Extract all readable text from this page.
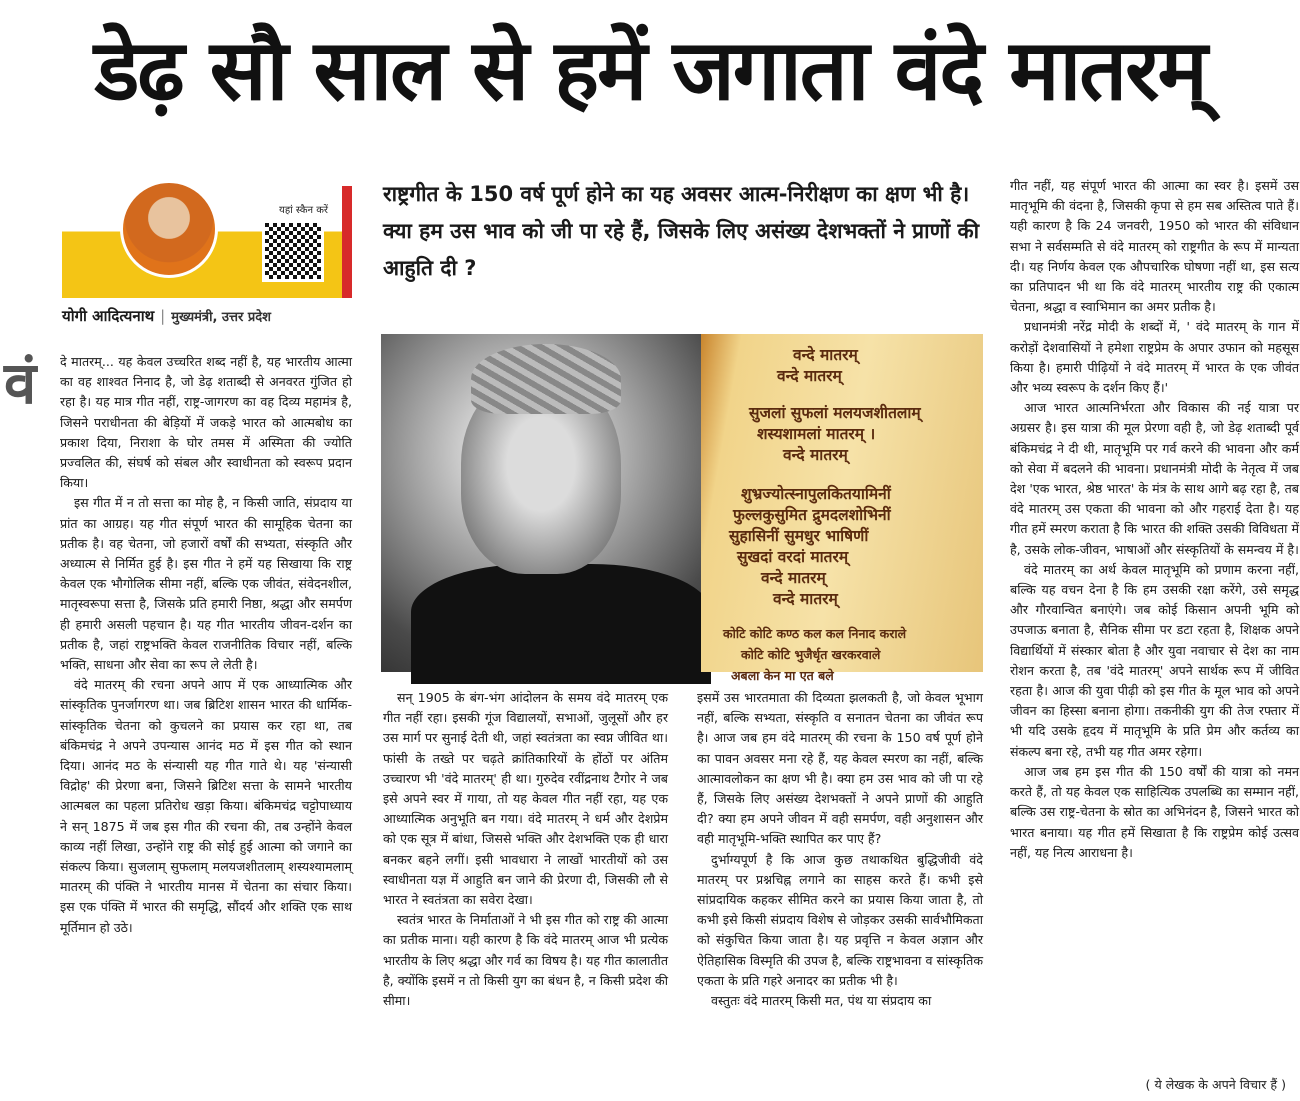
डेढ़ सौ साल से हमें जगाता वंदे मातरम्
यहां स्कैन करें
योगी आदित्यनाथ | मुख्यमंत्री, उत्तर प्रदेश
वं दे मातरम्... यह केवल उच्चरित शब्द नहीं है, यह भारतीय आत्मा का वह शाश्वत निनाद है, जो डेढ़ शताब्दी से अनवरत गुंजित हो रहा है। यह मात्र गीत नहीं, राष्ट्र-जागरण का वह दिव्य महामंत्र है, जिसने पराधीनता की बेड़ियों में जकड़े भारत को आत्मबोध का प्रकाश दिया, निराशा के घोर तमस में अस्मिता की ज्योति प्रज्वलित की, संघर्ष को संबल और स्वाधीनता को स्वरूप प्रदान किया।

इस गीत में न तो सत्ता का मोह है, न किसी जाति, संप्रदाय या प्रांत का आग्रह। यह गीत संपूर्ण भारत की सामूहिक चेतना का प्रतीक है। वह चेतना, जो हजारों वर्षों की सभ्यता, संस्कृति और अध्यात्म से निर्मित हुई है। इस गीत ने हमें यह सिखाया कि राष्ट्र केवल एक भौगोलिक सीमा नहीं, बल्कि एक जीवंत, संवेदनशील, मातृस्वरूपा सत्ता है, जिसके प्रति हमारी निष्ठा, श्रद्धा और समर्पण ही हमारी असली पहचान है। यह गीत भारतीय जीवन-दर्शन का प्रतीक है, जहां राष्ट्रभक्ति केवल राजनीतिक विचार नहीं, बल्कि भक्ति, साधना और सेवा का रूप ले लेती है।

वंदे मातरम् की रचना अपने आप में एक आध्यात्मिक और सांस्कृतिक पुनर्जागरण था। जब ब्रिटिश शासन भारत की धार्मिक-सांस्कृतिक चेतना को कुचलने का प्रयास कर रहा था, तब बंकिमचंद्र ने अपने उपन्यास आनंद मठ में इस गीत को स्थान दिया। आनंद मठ के संन्यासी यह गीत गाते थे। यह 'संन्यासी विद्रोह' की प्रेरणा बना, जिसने ब्रिटिश सत्ता के सामने भारतीय आत्मबल का पहला प्रतिरोध खड़ा किया। बंकिमचंद्र चट्टोपाध्याय ने सन् 1875 में जब इस गीत की रचना की, तब उन्होंने केवल काव्य नहीं लिखा, उन्होंने राष्ट्र की सोई हुई आत्मा को जगाने का संकल्प किया। सुजलाम् सुफलाम् मलयजशीतलाम् शस्यश्यामलाम् मातरम् की पंक्ति ने भारतीय मानस में चेतना का संचार किया। इस एक पंक्ति में भारत की समृद्धि, सौंदर्य और शक्ति एक साथ मूर्तिमान हो उठे।

राष्ट्रगीत के 150 वर्ष पूर्ण होने का यह अवसर आत्म-निरीक्षण का क्षण भी है। क्या हम उस भाव को जी पा रहे हैं, जिसके लिए असंख्य देशभक्तों ने प्राणों की आहुति दी ?
वन्दे मातरम्
वन्दे मातरम्
सुजलां सुफलां मलयजशीतलाम्
शस्यशामलां मातरम् ।
वन्दे मातरम्
शुभ्रज्योत्स्नापुलकितयामिनीं
फुल्लकुसुमित द्रुमदलशोभिनीं
सुहासिनीं सुमधुर भाषिणीं
सुखदां वरदां मातरम्
वन्दे मातरम्
वन्दे मातरम्
कोटि कोटि कण्ठ कल कल निनाद कराले
कोटि कोटि भुजैर्धृत खरकरवाले
अबला केन मा एत बले

सन् 1905 के बंग-भंग आंदोलन के समय वंदे मातरम् एक गीत नहीं रहा। इसकी गूंज विद्यालयों, सभाओं, जुलूसों और हर उस मार्ग पर सुनाई देती थी, जहां स्वतंत्रता का स्वप्न जीवित था। फांसी के तख्ते पर चढ़ते क्रांतिकारियों के होंठों पर अंतिम उच्चारण भी 'वंदे मातरम्' ही था। गुरुदेव रवींद्रनाथ टैगोर ने जब इसे अपने स्वर में गाया, तो यह केवल गीत नहीं रहा, यह एक आध्यात्मिक अनुभूति बन गया। वंदे मातरम् ने धर्म और देशप्रेम को एक सूत्र में बांधा, जिससे भक्ति और देशभक्ति एक ही धारा बनकर बहने लगीं। इसी भावधारा ने लाखों भारतीयों को उस स्वाधीनता यज्ञ में आहुति बन जाने की प्रेरणा दी, जिसकी लौ से भारत ने स्वतंत्रता का सवेरा देखा।

स्वतंत्र भारत के निर्माताओं ने भी इस गीत को राष्ट्र की आत्मा का प्रतीक माना। यही कारण है कि वंदे मातरम् आज भी प्रत्येक भारतीय के लिए श्रद्धा और गर्व का विषय है। यह गीत कालातीत है, क्योंकि इसमें न तो किसी युग का बंधन है, न किसी प्रदेश की सीमा।

इसमें उस भारतमाता की दिव्यता झलकती है, जो केवल भूभाग नहीं, बल्कि सभ्यता, संस्कृति व सनातन चेतना का जीवंत रूप है। आज जब हम वंदे मातरम् की रचना के 150 वर्ष पूर्ण होने का पावन अवसर मना रहे हैं, यह केवल स्मरण का नहीं, बल्कि आत्मावलोकन का क्षण भी है। क्या हम उस भाव को जी पा रहे हैं, जिसके लिए असंख्य देशभक्तों ने अपने प्राणों की आहुति दी? क्या हम अपने जीवन में वही समर्पण, वही अनुशासन और वही मातृभूमि-भक्ति स्थापित कर पाए हैं?

दुर्भाग्यपूर्ण है कि आज कुछ तथाकथित बुद्धिजीवी वंदे मातरम् पर प्रश्नचिह्न लगाने का साहस करते हैं। कभी इसे सांप्रदायिक कहकर सीमित करने का प्रयास किया जाता है, तो कभी इसे किसी संप्रदाय विशेष से जोड़कर उसकी सार्वभौमिकता को संकुचित किया जाता है। यह प्रवृत्ति न केवल अज्ञान और ऐतिहासिक विस्मृति की उपज है, बल्कि राष्ट्रभावना व सांस्कृतिक एकता के प्रति गहरे अनादर का प्रतीक भी है।

वस्तुतः वंदे मातरम् किसी मत, पंथ या संप्रदाय का

गीत नहीं, यह संपूर्ण भारत की आत्मा का स्वर है। इसमें उस मातृभूमि की वंदना है, जिसकी कृपा से हम सब अस्तित्व पाते हैं। यही कारण है कि 24 जनवरी, 1950 को भारत की संविधान सभा ने सर्वसम्मति से वंदे मातरम् को राष्ट्रगीत के रूप में मान्यता दी। यह निर्णय केवल एक औपचारिक घोषणा नहीं था, इस सत्य का प्रतिपादन भी था कि वंदे मातरम् भारतीय राष्ट्र की एकात्म चेतना, श्रद्धा व स्वाभिमान का अमर प्रतीक है।

प्रधानमंत्री नरेंद्र मोदी के शब्दों में, ' वंदे मातरम् के गान में करोड़ों देशवासियों ने हमेशा राष्ट्रप्रेम के अपार उफान को महसूस किया है। हमारी पीढ़ियों ने वंदे मातरम् में भारत के एक जीवंत और भव्य स्वरूप के दर्शन किए हैं।'

आज भारत आत्मनिर्भरता और विकास की नई यात्रा पर अग्रसर है। इस यात्रा की मूल प्रेरणा वही है, जो डेढ़ शताब्दी पूर्व बंकिमचंद्र ने दी थी, मातृभूमि पर गर्व करने की भावना और कर्म को सेवा में बदलने की भावना। प्रधानमंत्री मोदी के नेतृत्व में जब देश 'एक भारत, श्रेष्ठ भारत' के मंत्र के साथ आगे बढ़ रहा है, तब वंदे मातरम् उस एकता की भावना को और गहराई देता है। यह गीत हमें स्मरण कराता है कि भारत की शक्ति उसकी विविधता में है, उसके लोक-जीवन, भाषाओं और संस्कृतियों के समन्वय में है।

वंदे मातरम् का अर्थ केवल मातृभूमि को प्रणाम करना नहीं, बल्कि यह वचन देना है कि हम उसकी रक्षा करेंगे, उसे समृद्ध और गौरवान्वित बनाएंगे। जब कोई किसान अपनी भूमि को उपजाऊ बनाता है, सैनिक सीमा पर डटा रहता है, शिक्षक अपने विद्यार्थियों में संस्कार बोता है और युवा नवाचार से देश का नाम रोशन करता है, तब 'वंदे मातरम्' अपने सार्थक रूप में जीवित रहता है। आज की युवा पीढ़ी को इस गीत के मूल भाव को अपने जीवन का हिस्सा बनाना होगा। तकनीकी युग की तेज रफ्तार में भी यदि उसके हृदय में मातृभूमि के प्रति प्रेम और कर्तव्य का संकल्प बना रहे, तभी यह गीत अमर रहेगा।

आज जब हम इस गीत की 150 वर्षों की यात्रा को नमन करते हैं, तो यह केवल एक साहित्यिक उपलब्धि का सम्मान नहीं, बल्कि उस राष्ट्र-चेतना के स्रोत का अभिनंदन है, जिसने भारत को भारत बनाया। यह गीत हमें सिखाता है कि राष्ट्रप्रेम कोई उत्सव नहीं, यह नित्य आराधना है।

( ये लेखक के अपने विचार हैं )
